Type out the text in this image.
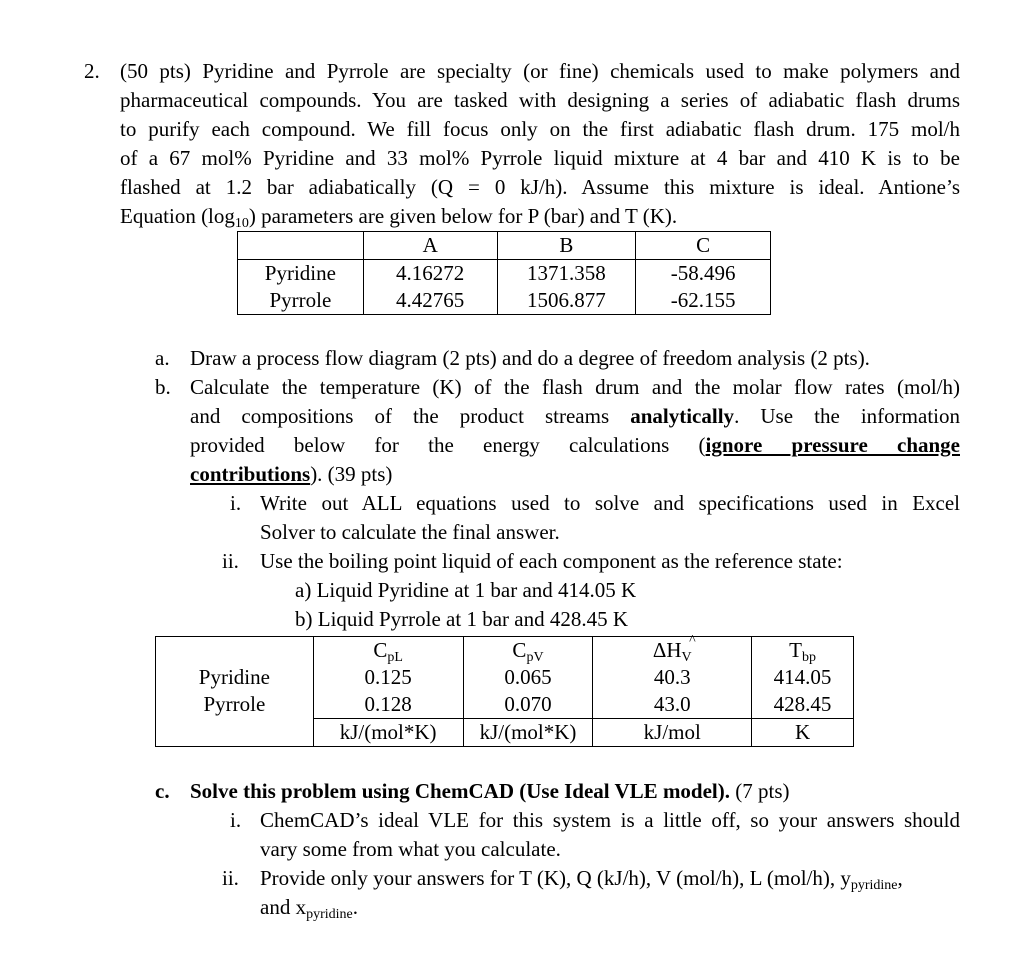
2. (50 pts) Pyridine and Pyrrole are specialty (or fine) chemicals used to make polymers and
pharmaceutical compounds. You are tasked with designing a series of adiabatic flash drums
to purify each compound. We fill focus only on the first adiabatic flash drum. 175 mol/h
of a 67 mol% Pyridine and 33 mol% Pyrrole liquid mixture at 4 bar and 410 K is to be
flashed at 1.2 bar adiabatically (Q = 0 kJ/h). Assume this mixture is ideal. Antione’s
Equation $(\log_{10})$ parameters are given below for P (bar) and T (K).
	A	B	C
Pyridine	4.16272	1371.358	-58.496
Pyrrole	4.42765	1506.877	-62.155
a. Draw a process flow diagram (2 pts) and do a degree of freedom analysis (2 pts).
b. Calculate the temperature (K) of the flash drum and the molar flow rates (mol/h)
and compositions of the product streams analytically. Use the information
provided below for the energy calculations (ignore pressure change
contributions). (39 pts)
i. Write out ALL equations used to solve and specifications used in Excel
Solver to calculate the final answer.
ii. Use the boiling point liquid of each component as the reference state:
a) Liquid Pyridine at 1 bar and 414.05 K
b) Liquid Pyrrole at 1 bar and 428.45 K
	$C_{pL}$	$C_{pV}$	ΔH^ $_V$	$T_{bp}$
Pyridine	0.125	0.065	40.3	414.05
Pyrrole	0.128	0.070	43.0	428.45
	kJ/(mol*K)	kJ/(mol*K)	kJ/mol	K
c. Solve this problem using ChemCAD (Use Ideal VLE model). (7 pts)
i. ChemCAD’s ideal VLE for this system is a little off, so your answers should
vary some from what you calculate.
ii. Provide only your answers for T (K), Q (kJ/h), V (mol/h), L (mol/h), $y_{pyridine}$,
and $x_{pyridine}$.
